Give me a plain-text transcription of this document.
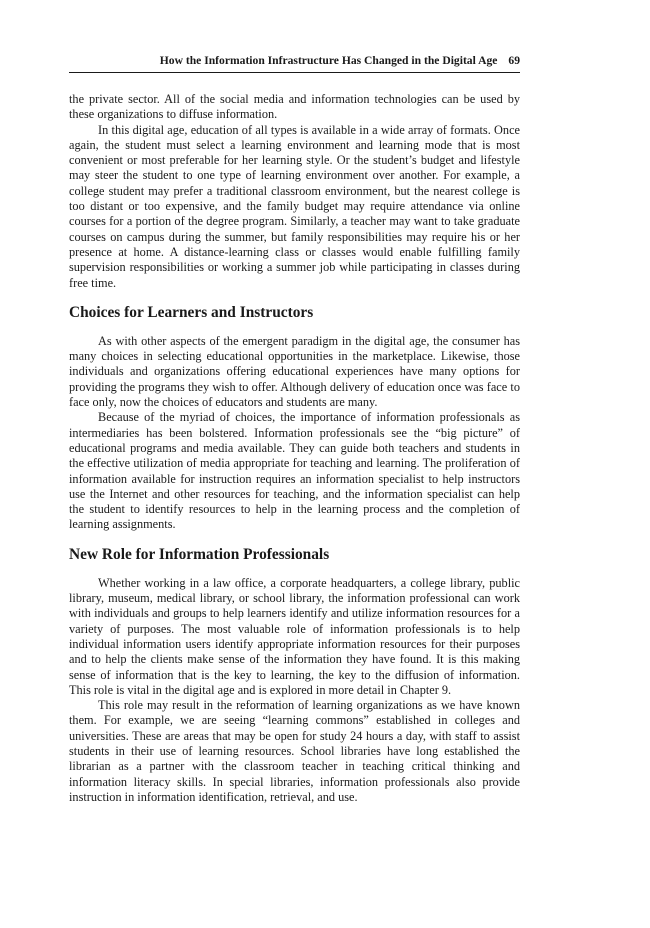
How the Information Infrastructure Has Changed in the Digital Age 69

the private sector. All of the social media and information technologies can be used by these organizations to diffuse information.

In this digital age, education of all types is available in a wide array of formats. Once again, the student must select a learning environment and learning mode that is most convenient or most preferable for her learning style. Or the student’s budget and lifestyle may steer the student to one type of learning environment over another. For example, a college student may prefer a traditional classroom environment, but the nearest college is too distant or too expensive, and the family budget may require attendance via online courses for a portion of the degree program. Similarly, a teacher may want to take graduate courses on campus during the summer, but family responsibilities may require his or her presence at home. A distance-learning class or classes would enable fulfilling family supervision responsibilities or working a summer job while participating in classes during free time.

Choices for Learners and Instructors

As with other aspects of the emergent paradigm in the digital age, the consumer has many choices in selecting educational opportunities in the marketplace. Likewise, those individuals and organizations offering educational experiences have many options for providing the programs they wish to offer. Although delivery of education once was face to face only, now the choices of educators and students are many.

Because of the myriad of choices, the importance of information professionals as intermediaries has been bolstered. Information professionals see the “big picture” of educational programs and media available. They can guide both teachers and students in the effective utilization of media appropriate for teaching and learning. The proliferation of information available for instruction requires an information specialist to help instructors use the Internet and other resources for teaching, and the information specialist can help the student to identify resources to help in the learning process and the completion of learning assignments.

New Role for Information Professionals

Whether working in a law office, a corporate headquarters, a college library, public library, museum, medical library, or school library, the information professional can work with individuals and groups to help learners identify and utilize information resources for a variety of purposes. The most valuable role of information professionals is to help individual information users identify appropriate information resources for their purposes and to help the clients make sense of the information they have found. It is this making sense of information that is the key to learning, the key to the diffusion of information. This role is vital in the digital age and is explored in more detail in Chapter 9.

This role may result in the reformation of learning organizations as we have known them. For example, we are seeing “learning commons” established in colleges and universities. These are areas that may be open for study 24 hours a day, with staff to assist students in their use of learning resources. School libraries have long established the librarian as a partner with the classroom teacher in teaching critical thinking and information literacy skills. In special libraries, information professionals also provide instruction in information identification, retrieval, and use.
